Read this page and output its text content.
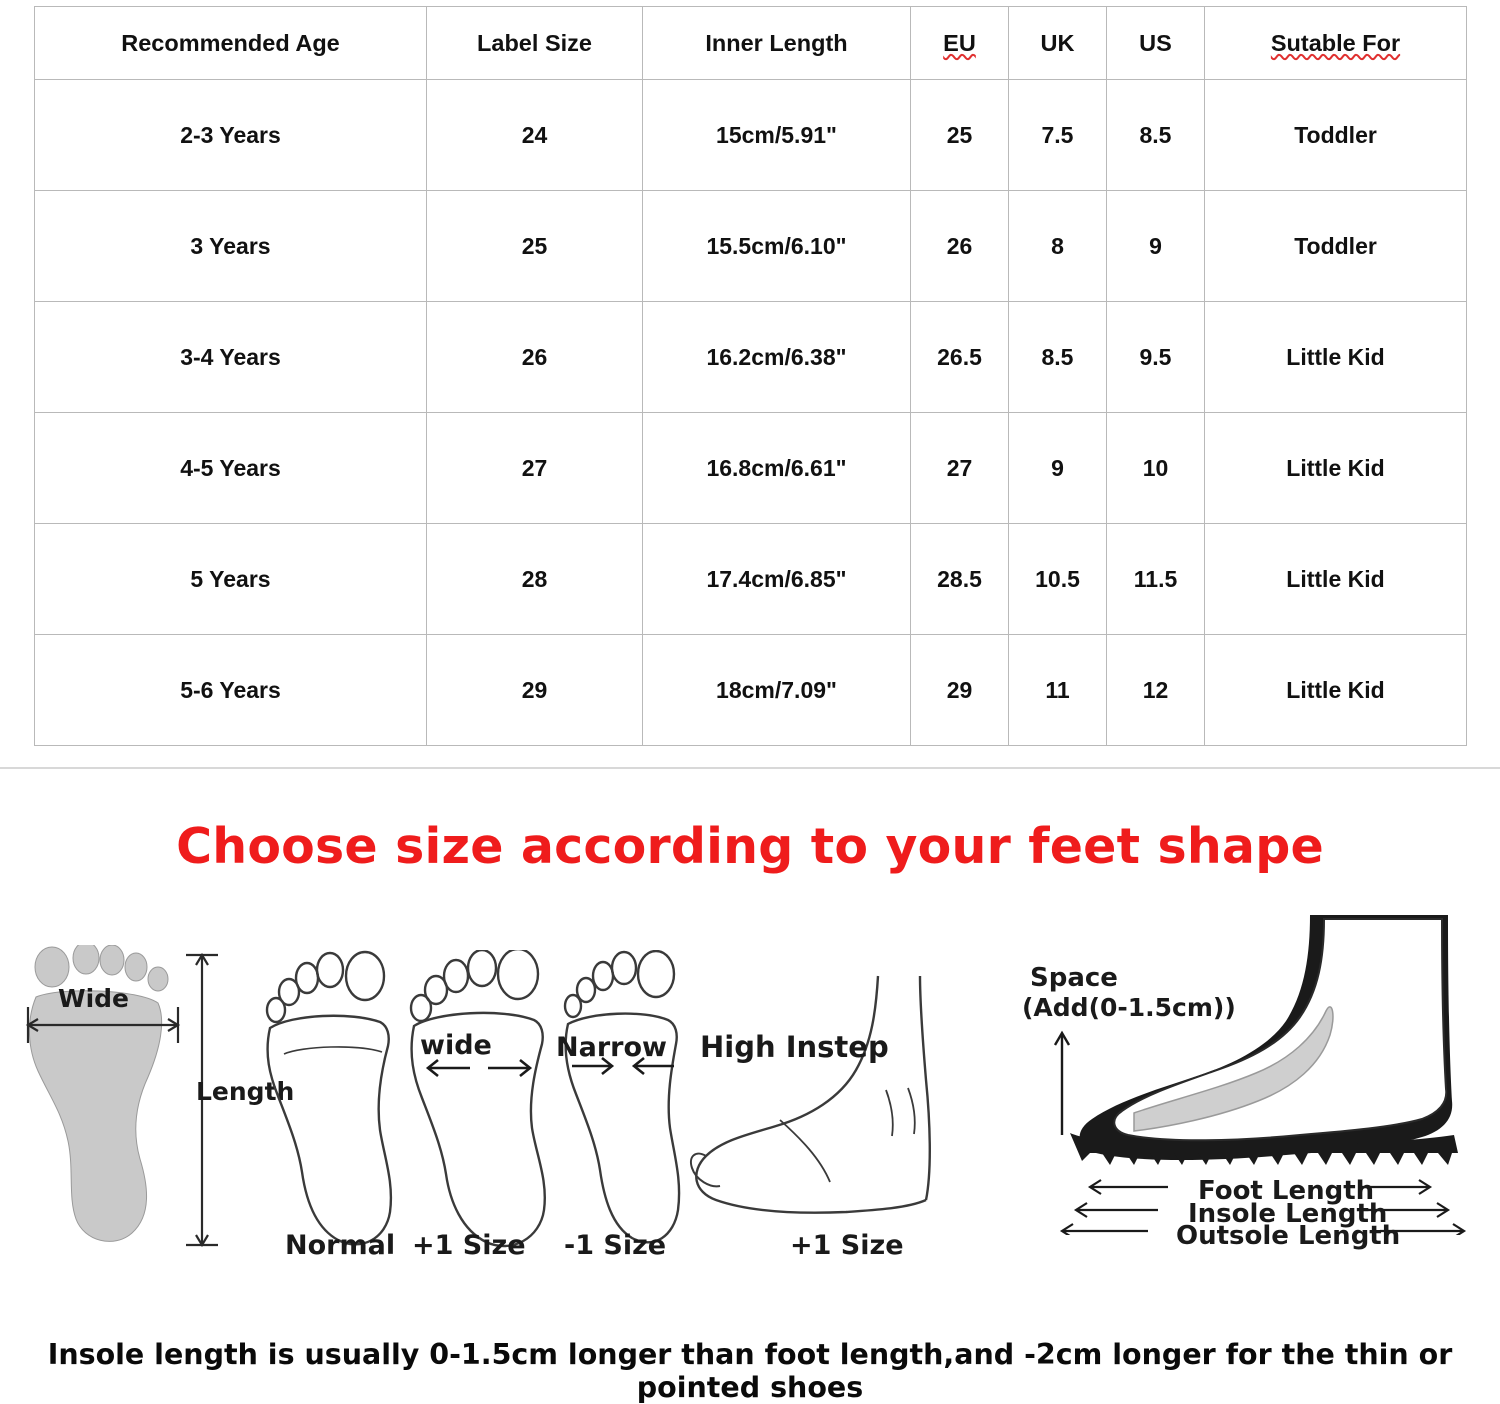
Recommended Age	Label Size	Inner Length	EU	UK	US	Sutable For
2-3 Years	24	15cm/5.91"	25	7.5	8.5	Toddler
3 Years	25	15.5cm/6.10"	26	8	9	Toddler
3-4 Years	26	16.2cm/6.38"	26.5	8.5	9.5	Little Kid
4-5 Years	27	16.8cm/6.61"	27	9	10	Little Kid
5 Years	28	17.4cm/6.85"	28.5	10.5	11.5	Little Kid
5-6 Years	29	18cm/7.09"	29	11	12	Little Kid
Choose size according to your feet shape
Wide
Length
Normal
wide
+1 Size
Narrow
-1 Size
High Instep
+1 Size
Space
(Add(0-1.5cm))
Foot Length
Insole Length
Outsole Length
Insole length is usually 0-1.5cm longer than foot length,and -2cm longer for the thin or pointed shoes
